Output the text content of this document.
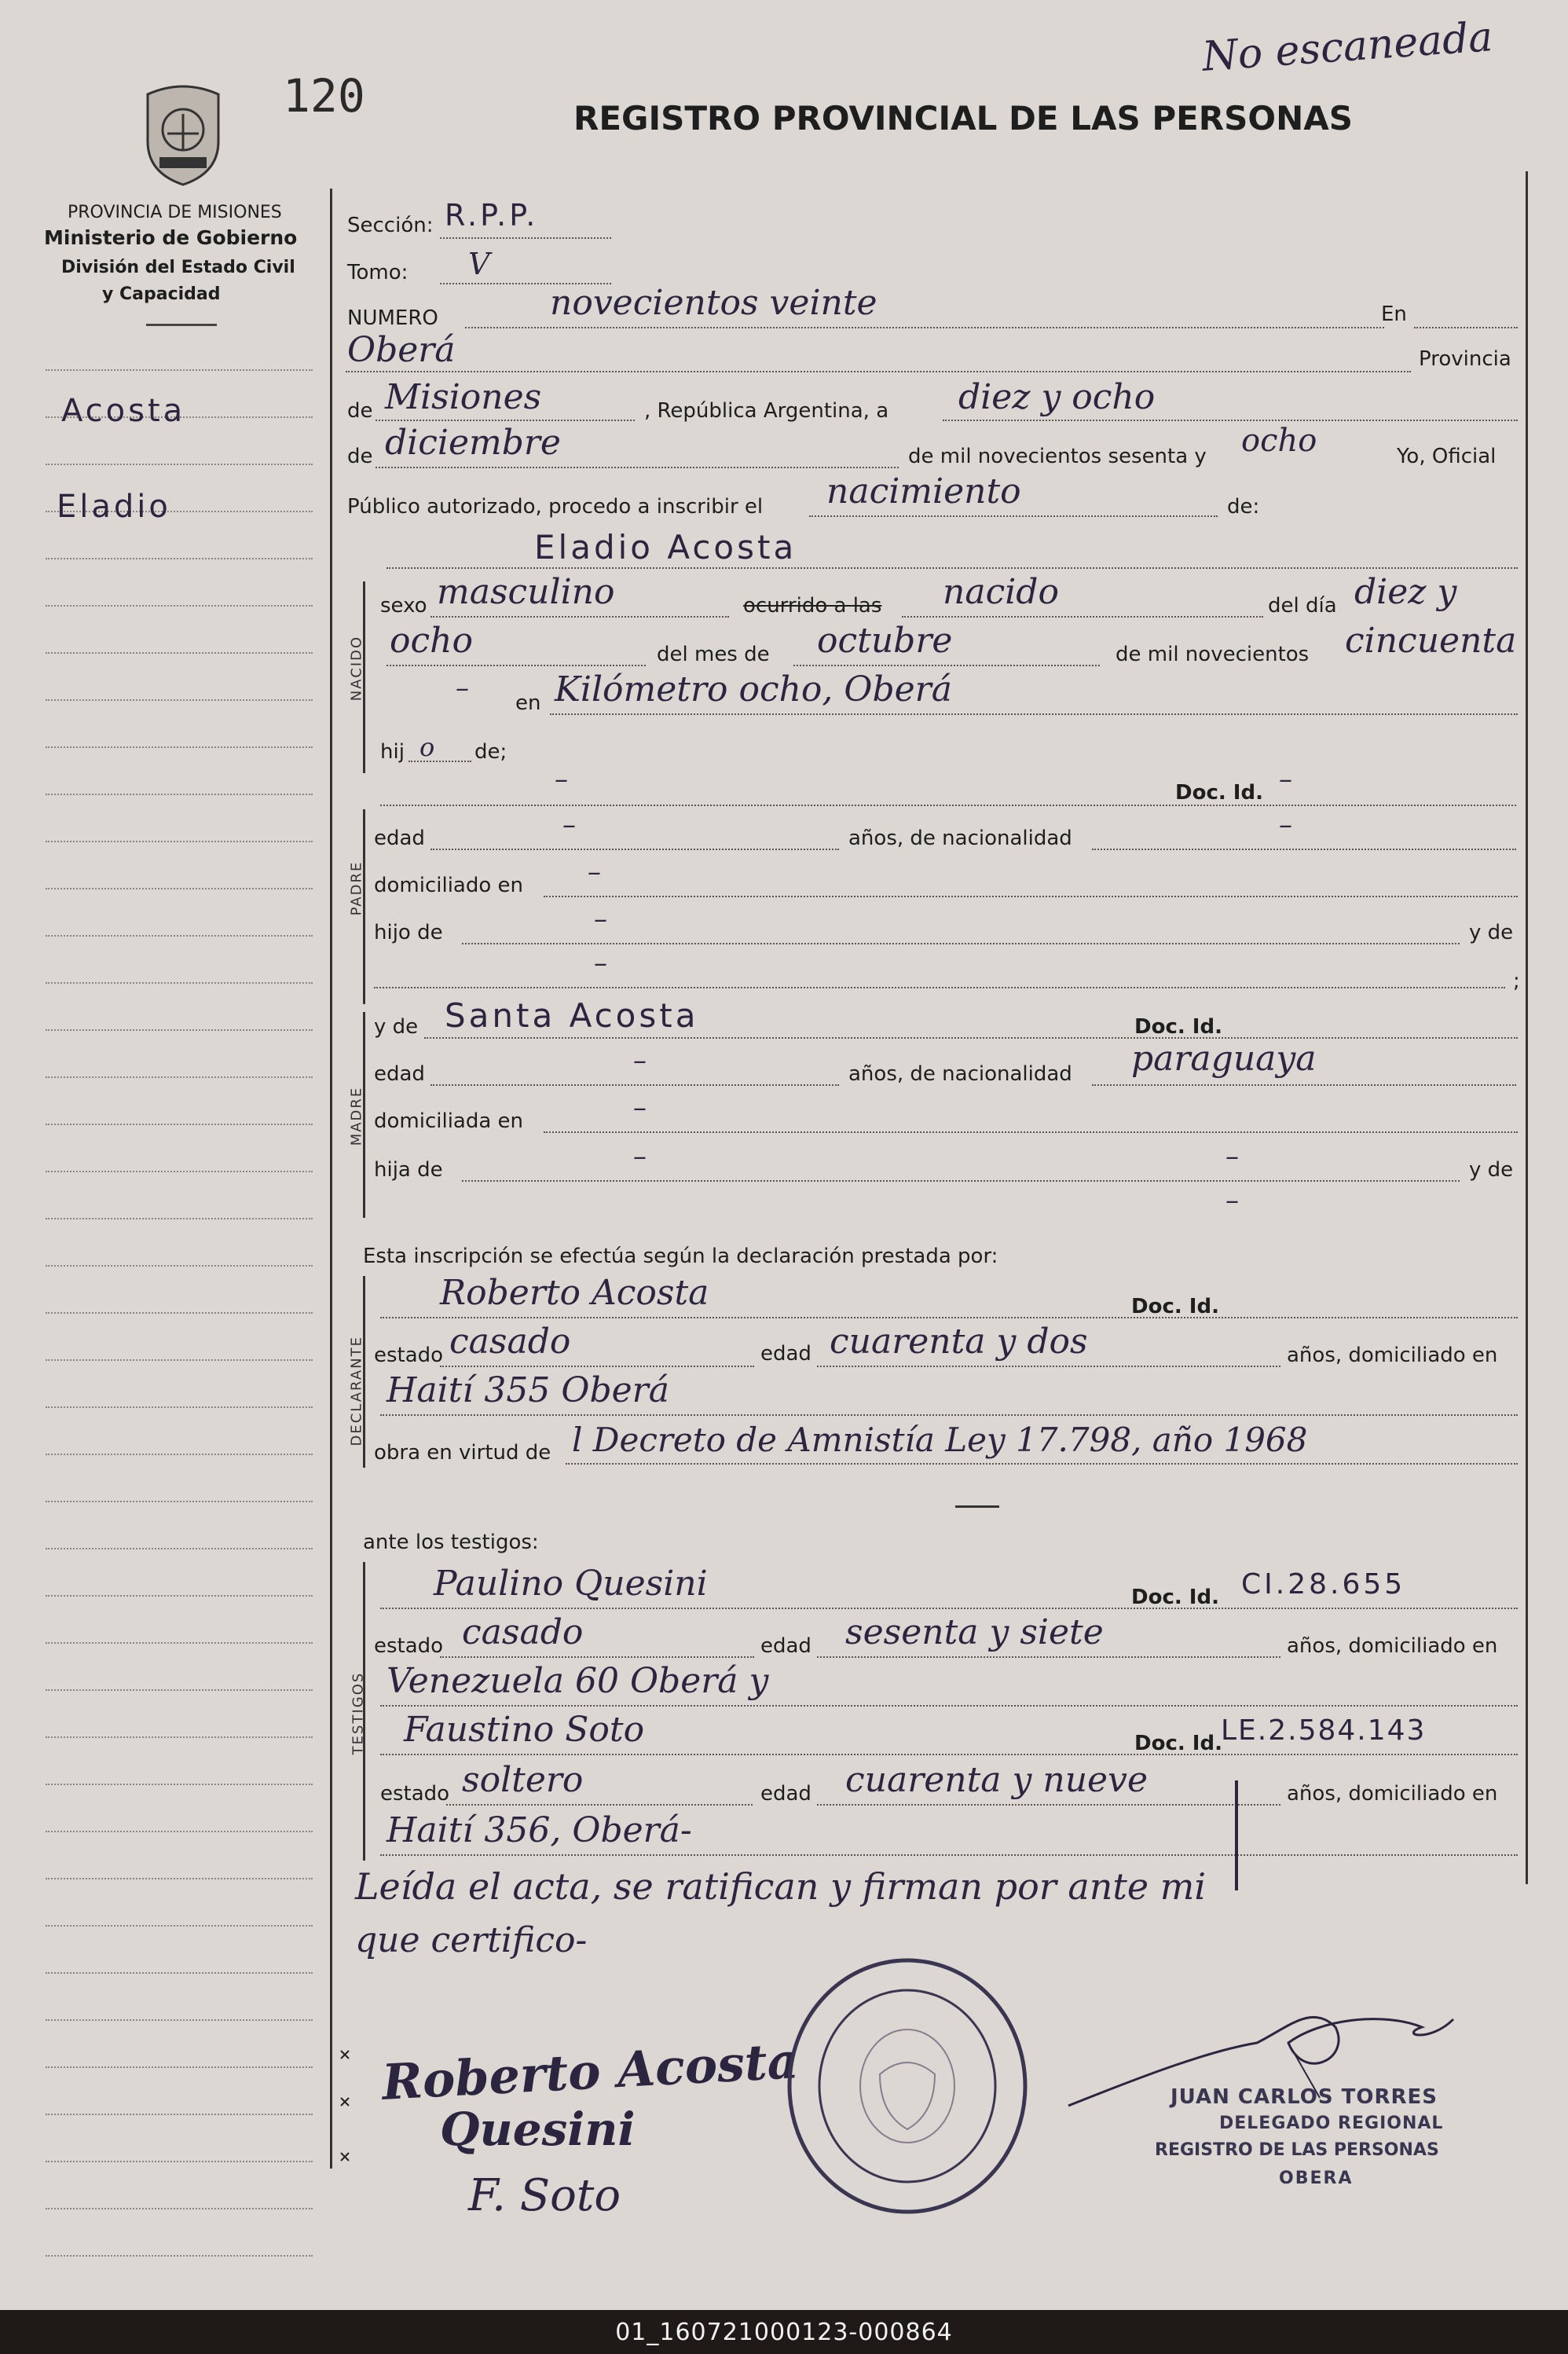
120	REGISTRO PROVINCIAL DE LAS PERSONAS
No escaneada
PROVINCIA DE MISIONES
Ministerio de Gobierno
División del Estado Civil
y Capacidad
Acosta
Eladio
Sección: R.P.P.
Tomo: V
NUMERO	novecientos veinte	En
Oberá	Provincia
de Misiones	, República Argentina, a diez y ocho
de diciembre	de mil novecientos sesenta y ocho	Yo, Oficial
Público autorizado, procedo a inscribir el nacimiento	de:
Eladio Acosta
NACIDO
sexo masculino	ocurrido a las nacido	del día diez y
ocho	del mes de octubre	de mil novecientos cincuenta
– en Kilómetro ocho, Oberá
hij o de;
–	Doc. Id. –
PADRE
edad	–	años, de nacionalidad	–
domiciliado en –
hijo de	–	y de
–
;
MADRE
y de Santa Acosta	Doc. Id.
edad	–	años, de nacionalidad paraguaya
domiciliada en	–
hija de	–	–	y de
–
Esta inscripción se efectúa según la declaración prestada por:
DECLARANTE
Roberto Acosta	Doc. Id.
estado casado	edad cuarenta y dos	años, domiciliado en
Haití 355 Oberá
obra en virtud de l Decreto de Amnistía Ley 17.798, año 1968
ante los testigos:
TESTIGOS
Paulino Quesini	Doc. Id. CI.28.655
estado casado	edad sesenta y siete	años, domiciliado en
Venezuela 60 Oberá y
Faustino Soto	Doc. Id.
LE.2.584.143
estado soltero	edad cuarenta y nueve	años, domiciliado en
Haití 356, Oberá-
Leída el acta, se ratifican y firman por ante mi
que certifico-
Roberto Acosta
Quesini
F. Soto
JUAN CARLOS TORRES
DELEGADO REGIONAL
REGISTRO DE LAS PERSONAS
OBERA
01_160721000123-000864
